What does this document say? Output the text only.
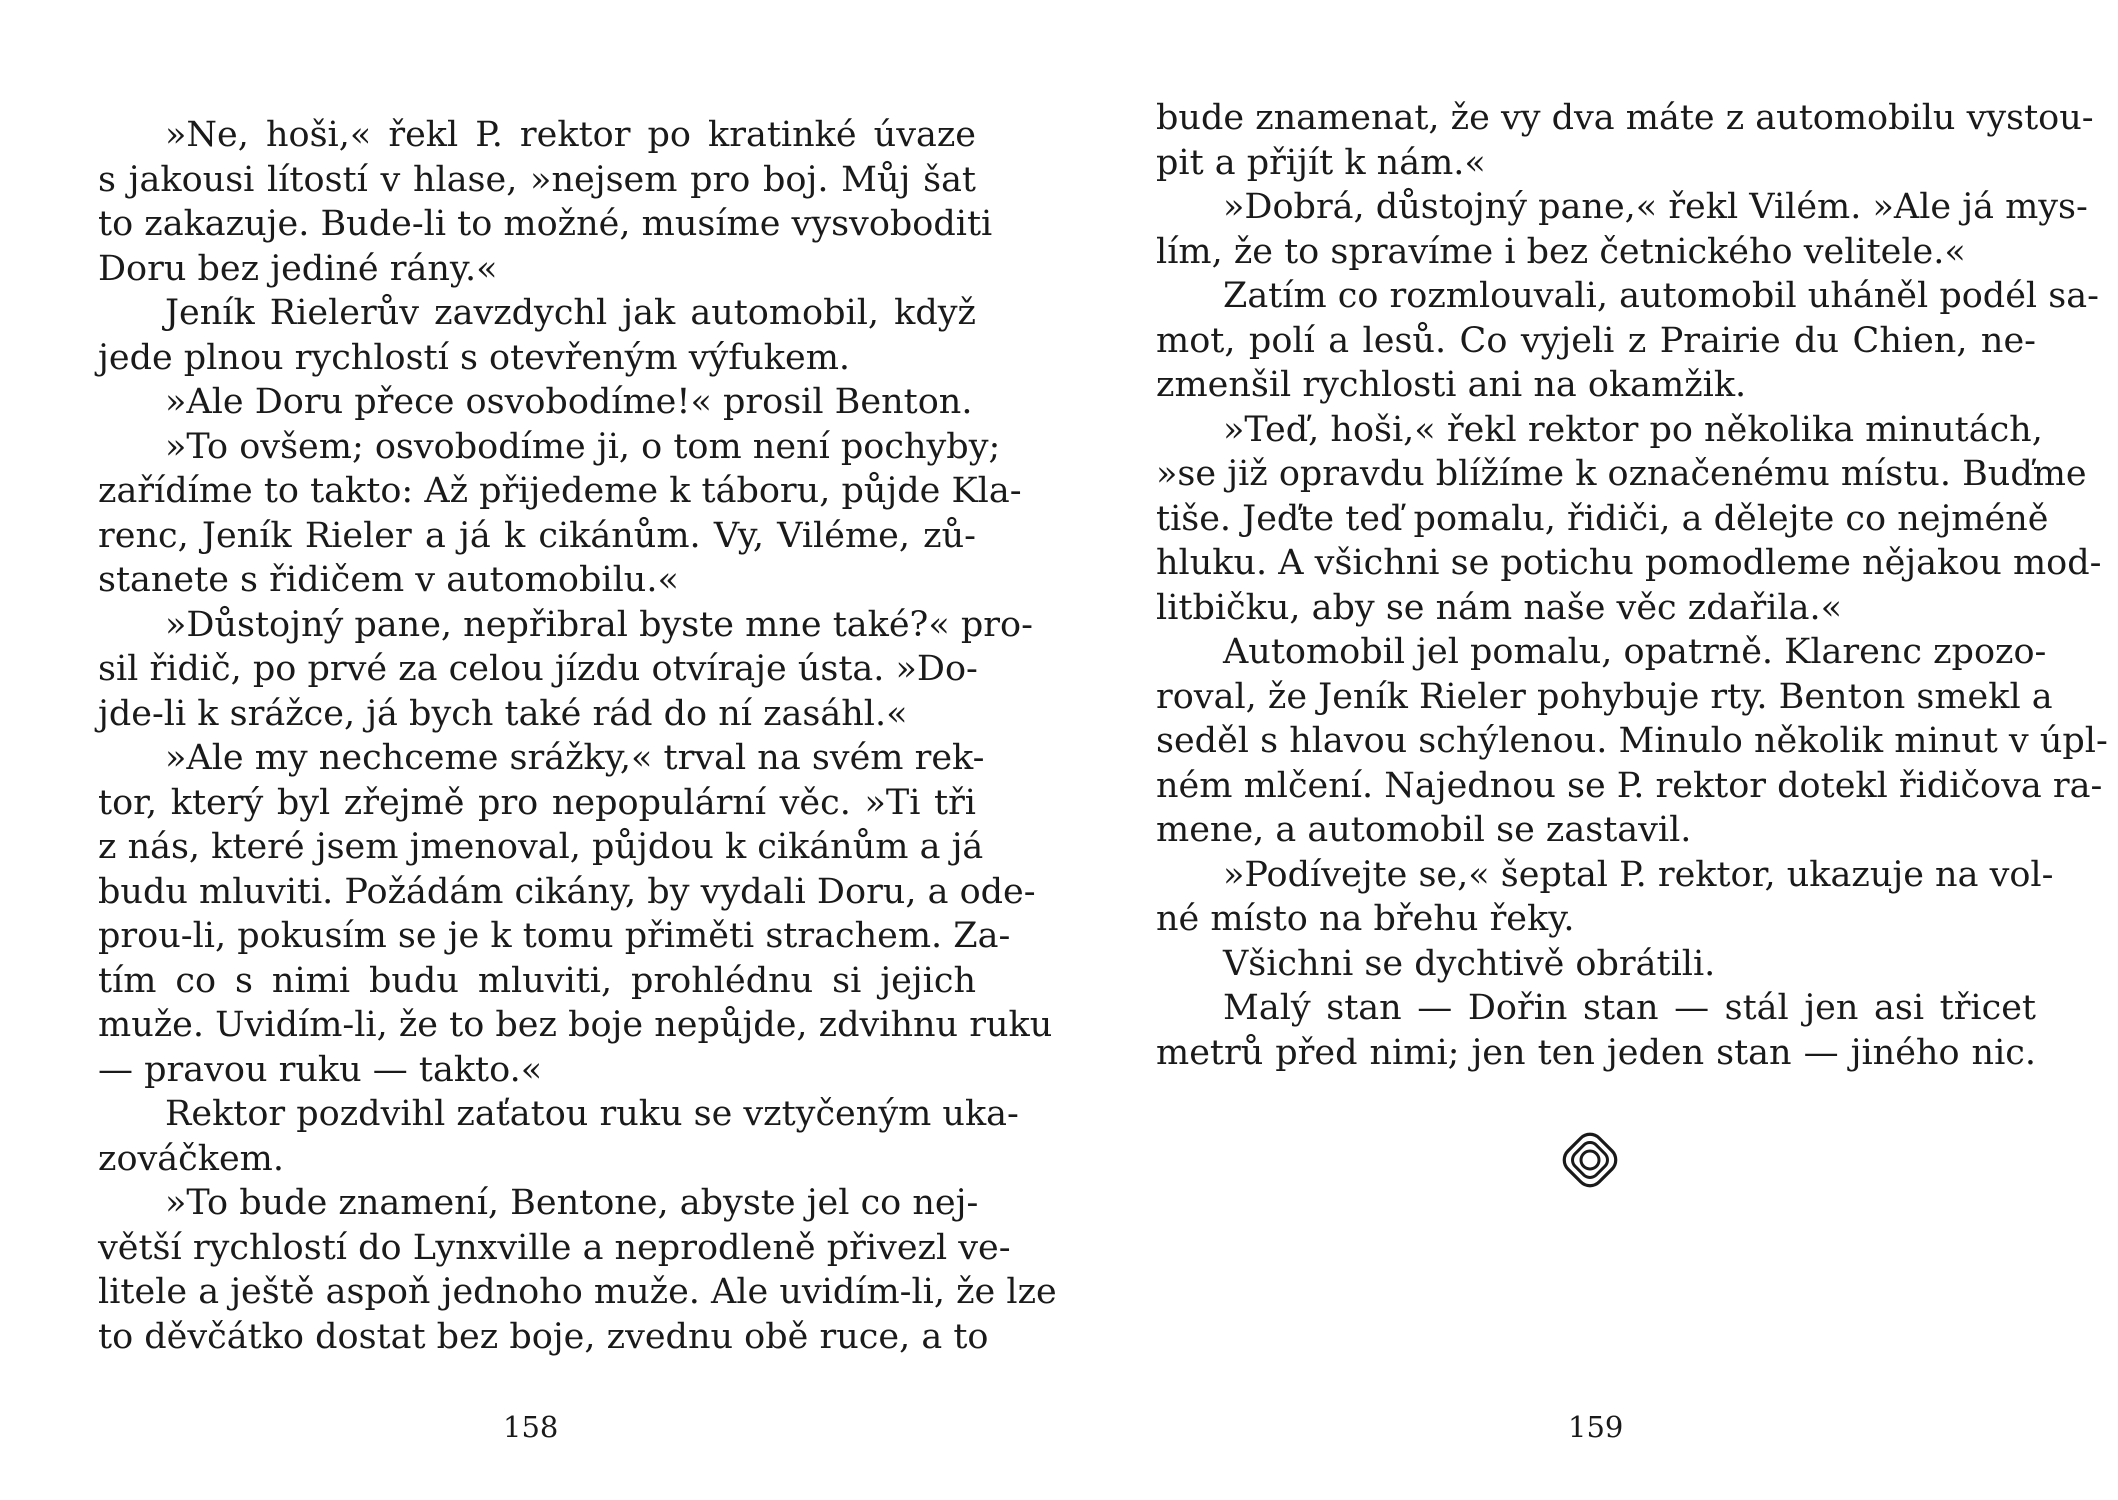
»Ne, hoši,« řekl P. rektor po kratinké úvaze
s jakousi lítostí v hlase, »nejsem pro boj. Můj šat
to zakazuje. Bude-li to možné, musíme vysvoboditi
Doru bez jediné rány.«
Jeník Rielerův zavzdychl jak automobil, když
jede plnou rychlostí s otevřeným výfukem.
»Ale Doru přece osvobodíme!« prosil Benton.
»To ovšem; osvobodíme ji, o tom není pochyby;
zařídíme to takto: Až přijedeme k táboru, půjde Kla-
renc, Jeník Rieler a já k cikánům. Vy, Viléme, zů-
stanete s řidičem v automobilu.«
»Důstojný pane, nepřibral byste mne také?« pro-
sil řidič, po prvé za celou jízdu otvíraje ústa. »Do-
jde-li k srážce, já bych také rád do ní zasáhl.«
»Ale my nechceme srážky,« trval na svém rek-
tor, který byl zřejmě pro nepopulární věc. »Ti tři
z nás, které jsem jmenoval, půjdou k cikánům a já
budu mluviti. Požádám cikány, by vydali Doru, a ode-
prou-li, pokusím se je k tomu přiměti strachem. Za-
tím co s nimi budu mluviti, prohlédnu si jejich
muže. Uvidím-li, že to bez boje nepůjde, zdvihnu ruku
— pravou ruku — takto.«
Rektor pozdvihl zaťatou ruku se vztyčeným uka-
zováčkem.
»To bude znamení, Bentone, abyste jel co nej-
větší rychlostí do Lynxville a neprodleně přivezl ve-
litele a ještě aspoň jednoho muže. Ale uvidím-li, že lze
to děvčátko dostat bez boje, zvednu obě ruce, a to
158
bude znamenat, že vy dva máte z automobilu vystou-
pit a přijít k nám.«
»Dobrá, důstojný pane,« řekl Vilém. »Ale já mys-
lím, že to spravíme i bez četnického velitele.«
Zatím co rozmlouvali, automobil uháněl podél sa-
mot, polí a lesů. Co vyjeli z Prairie du Chien, ne-
zmenšil rychlosti ani na okamžik.
»Teď, hoši,« řekl rektor po několika minutách,
»se již opravdu blížíme k označenému místu. Buďme
tiše. Jeďte teď pomalu, řidiči, a dělejte co nejméně
hluku. A všichni se potichu pomodleme nějakou mod-
litbičku, aby se nám naše věc zdařila.«
Automobil jel pomalu, opatrně. Klarenc zpozo-
roval, že Jeník Rieler pohybuje rty. Benton smekl a
seděl s hlavou schýlenou. Minulo několik minut v úpl-
ném mlčení. Najednou se P. rektor dotekl řidičova ra-
mene, a automobil se zastavil.
»Podívejte se,« šeptal P. rektor, ukazuje na vol-
né místo na břehu řeky.
Všichni se dychtivě obrátili.
Malý stan — Dořin stan — stál jen asi třicet
metrů před nimi; jen ten jeden stan — jiného nic.
159
